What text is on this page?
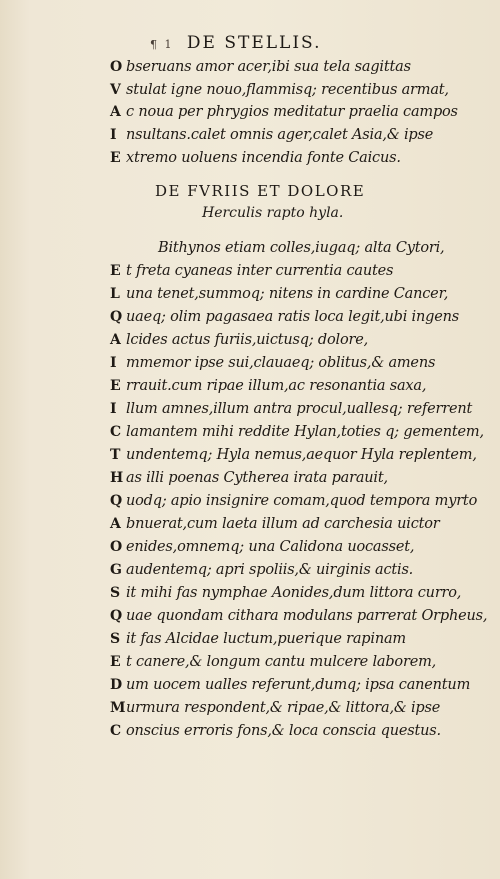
¶ 1 DE STELLIS.
O bseruans amor acer,ibi sua tela sagittas
V stulat igne nouo,flammisq; recentibus armat,
A c noua per phrygios meditatur praelia campos
I nsultans.calet omnis ager,calet Asia,& ipse
E xtremo uoluens incendia fonte Caicus.
DE FVRIIS ET DOLORE
Herculis rapto hyla.
Bithynos etiam colles,iugaq; alta Cytori,
E t freta cyaneas inter currentia cautes
L una tenet,summoq; nitens in cardine Cancer,
Q uaeq; olim pagasaea ratis loca legit,ubi ingens
A lcides actus furiis,uictusq; dolore,
I mmemor ipse sui,clauaeq; oblitus,& amens
E rrauit.cum ripae illum,ac resonantia saxa,
I llum amnes,illum antra procul,uallesq; referrent
C lamantem mihi reddite Hylan,toties q; gementem,
T undentemq; Hyla nemus,aequor Hyla replentem,
H as illi poenas Cytherea irata parauit,
Q uodq; apio insignire comam,quod tempora myrto
A bnuerat,cum laeta illum ad carchesia uictor
O enides,omnemq; una Calidona uocasset,
G audentemq; apri spoliis,& uirginis actis.
S it mihi fas nymphae Aonides,dum littora curro,
Q uae quondam cithara modulans parrerat Orpheus,
S it fas Alcidae luctum,puerique rapinam
E t canere,& longum cantu mulcere laborem,
D um uocem ualles referunt,dumq; ipsa canentum
Murmura respondent,& ripae,& littora,& ipse
C onscius erroris fons,& loca conscia questus.
